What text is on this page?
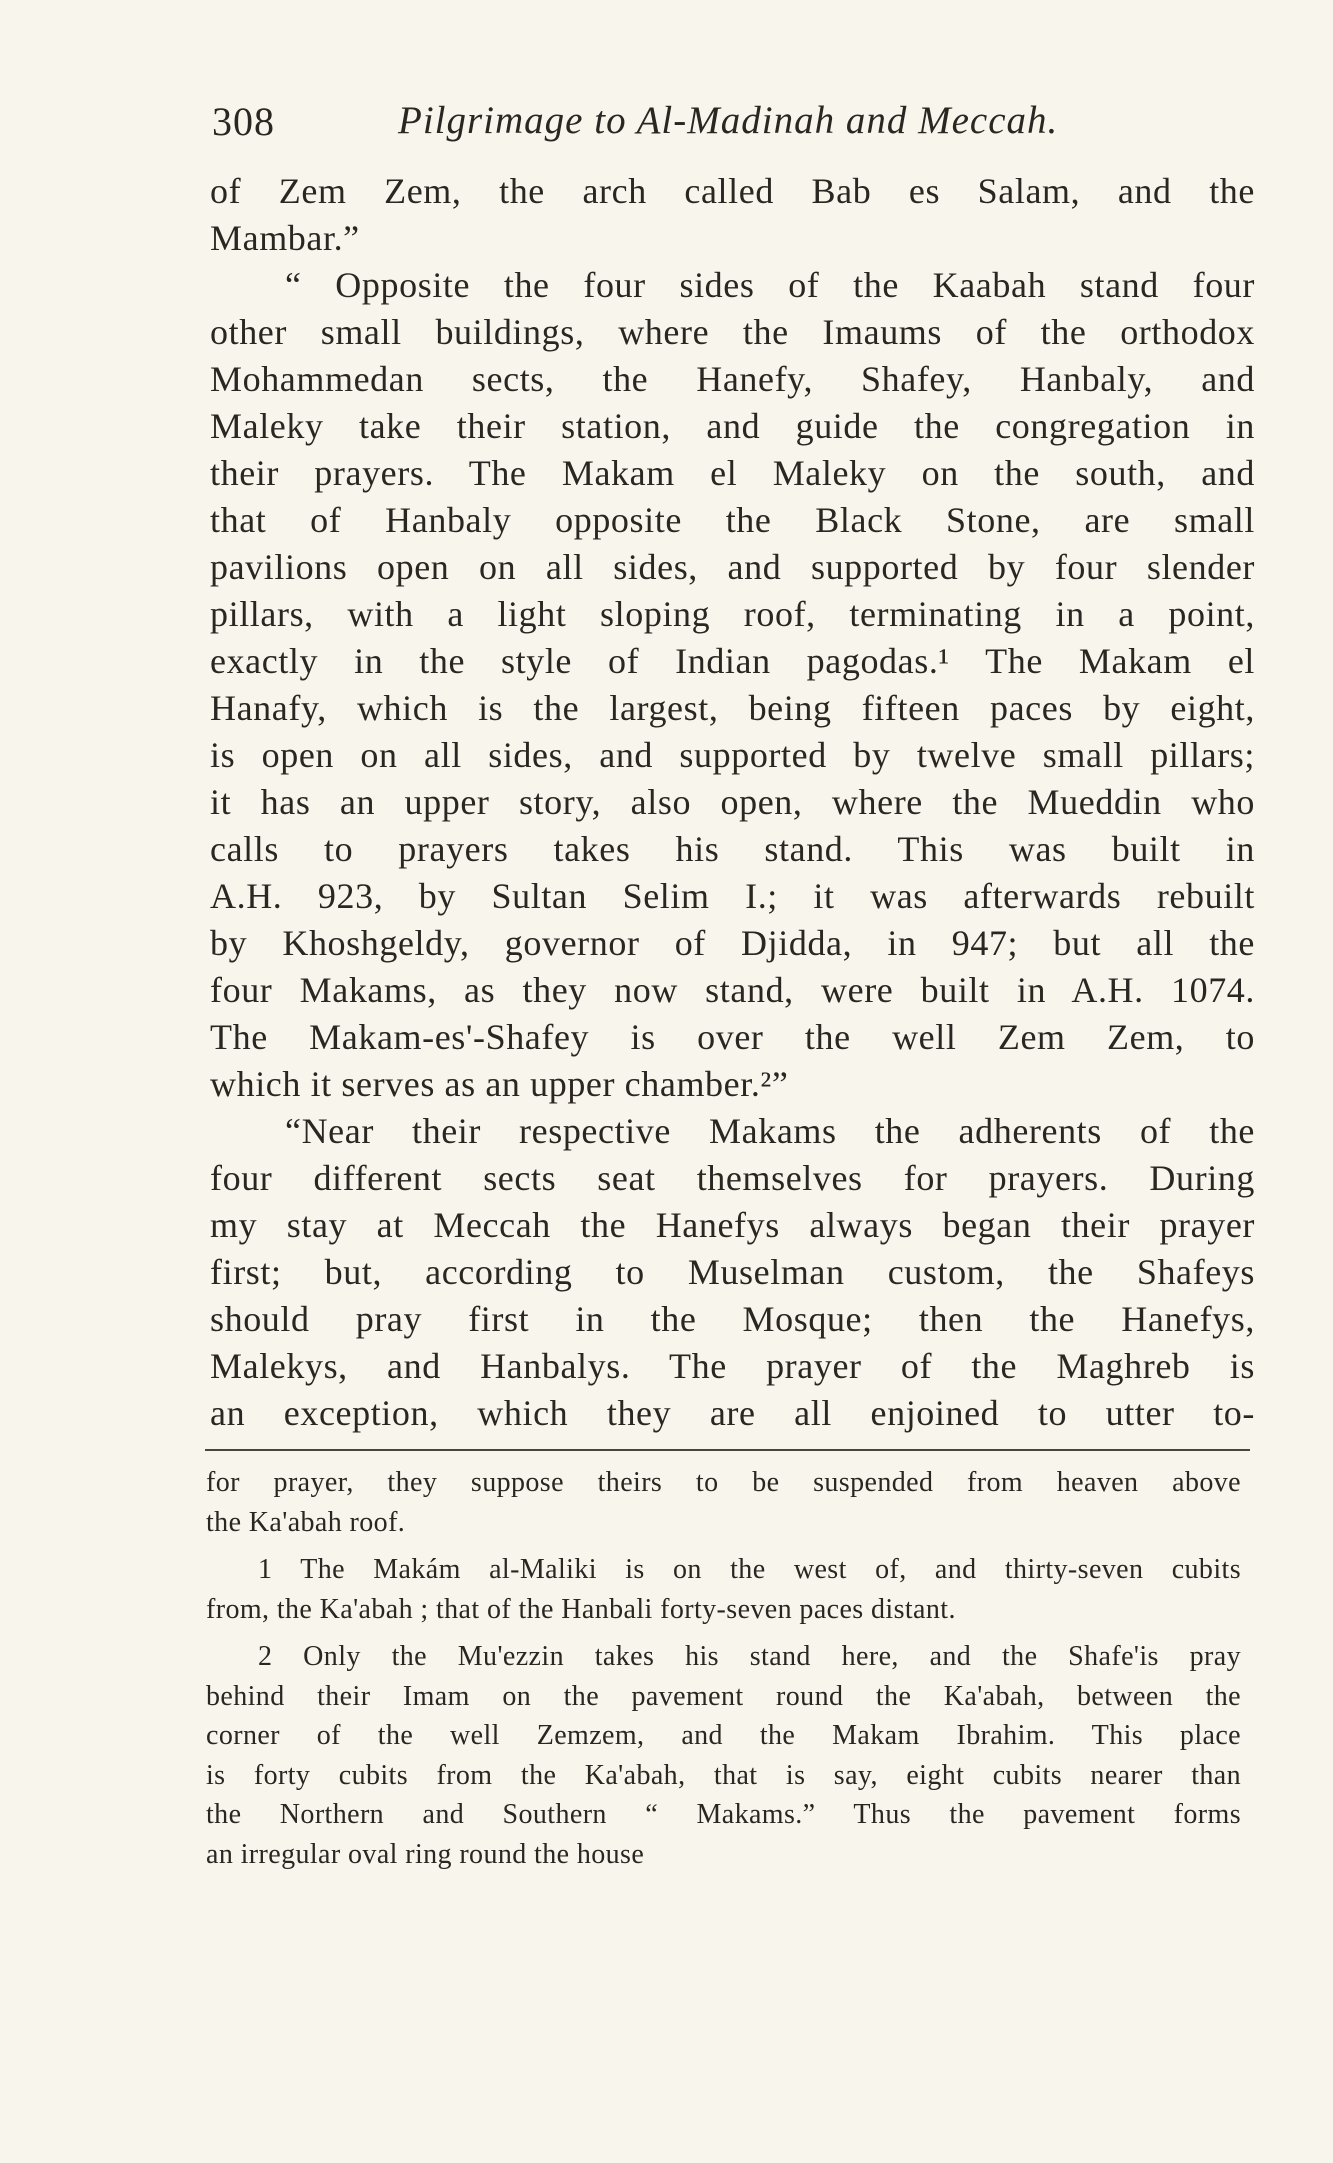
308	Pilgrimage to Al-Madinah and Meccah.
of Zem Zem, the arch called Bab es Salam, and the
Mambar.”
“ Opposite the four sides of the Kaabah stand four
other small buildings, where the Imaums of the orthodox
Mohammedan sects, the Hanefy, Shafey, Hanbaly, and
Maleky take their station, and guide the congregation in
their prayers. The Makam el Maleky on the south, and
that of Hanbaly opposite the Black Stone, are small
pavilions open on all sides, and supported by four slender
pillars, with a light sloping roof, terminating in a point,
exactly in the style of Indian pagodas.¹ The Makam el
Hanafy, which is the largest, being fifteen paces by eight,
is open on all sides, and supported by twelve small pillars;
it has an upper story, also open, where the Mueddin who
calls to prayers takes his stand. This was built in
A.H. 923, by Sultan Selim I.; it was afterwards rebuilt
by Khoshgeldy, governor of Djidda, in 947; but all the
four Makams, as they now stand, were built in A.H. 1074.
The Makam-es'-Shafey is over the well Zem Zem, to
which it serves as an upper chamber.²”
“Near their respective Makams the adherents of the
four different sects seat themselves for prayers. During
my stay at Meccah the Hanefys always began their prayer
first; but, according to Muselman custom, the Shafeys
should pray first in the Mosque; then the Hanefys,
Malekys, and Hanbalys. The prayer of the Maghreb is
an exception, which they are all enjoined to utter to-
for prayer, they suppose theirs to be suspended from heaven above
the Ka'abah roof.
1 The Makám al-Maliki is on the west of, and thirty-seven cubits
from, the Ka'abah ; that of the Hanbali forty-seven paces distant.
2 Only the Mu'ezzin takes his stand here, and the Shafe'is pray
behind their Imam on the pavement round the Ka'abah, between the
corner of the well Zemzem, and the Makam Ibrahim. This place
is forty cubits from the Ka'abah, that is say, eight cubits nearer than
the Northern and Southern “ Makams.” Thus the pavement forms
an irregular oval ring round the house
